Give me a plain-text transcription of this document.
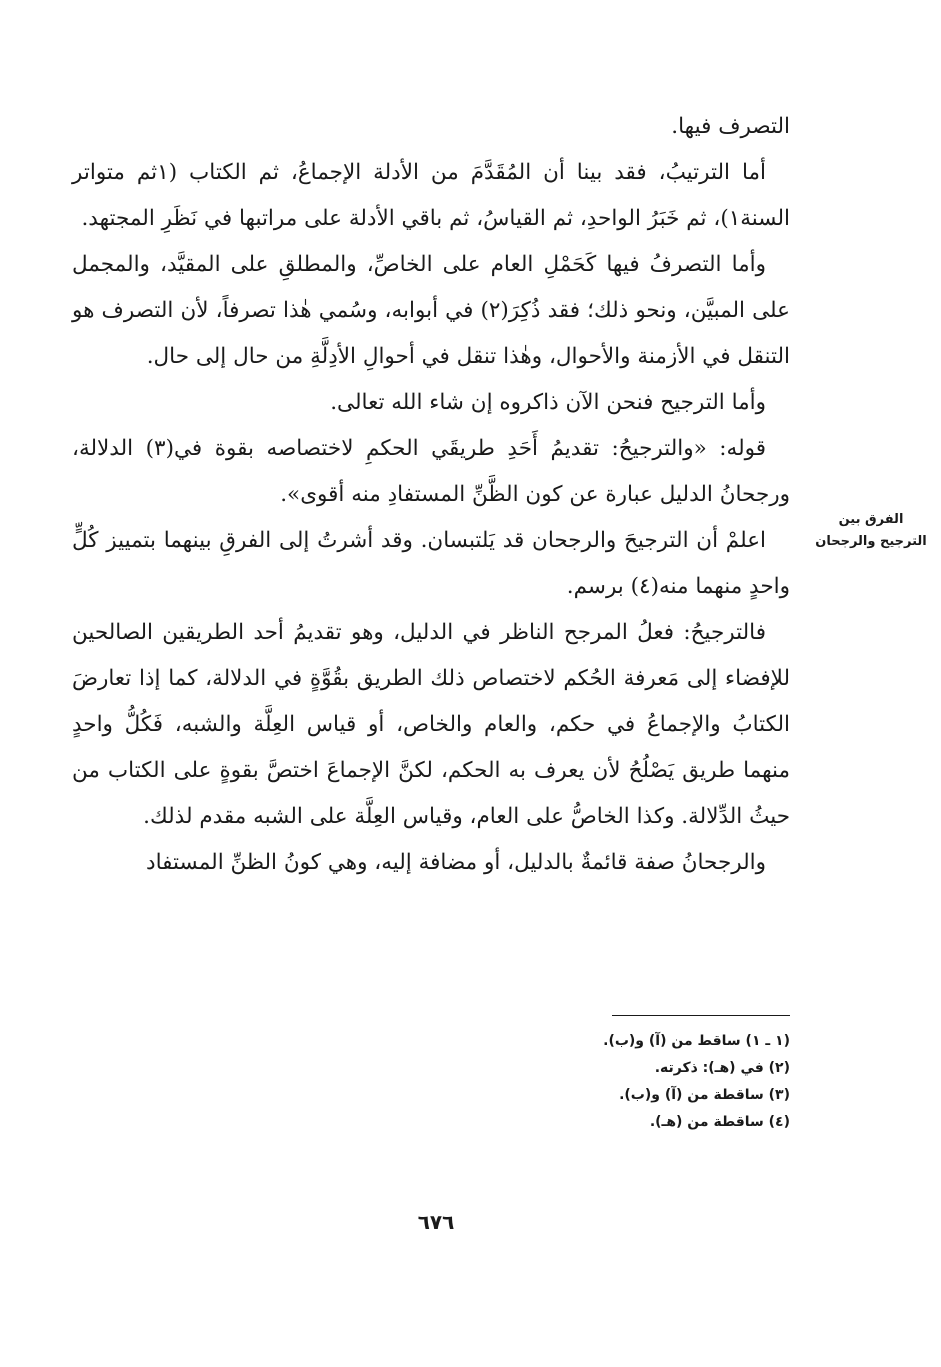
التصرف فيها.

أما الترتيبُ، فقد بينا أن المُقَدَّمَ من الأدلة الإجماعُ، ثم الكتاب (١ثم متواتر السنة١)، ثم خَبَرُ الواحدِ، ثم القياسُ، ثم باقي الأدلة على مراتبها في نَظَرِ المجتهد.

وأما التصرفُ فيها كَحَمْلِ العام على الخاصِّ، والمطلقِ على المقيَّد، والمجمل على المبيَّن، ونحو ذلك؛ فقد ذُكِرَ(٢) في أبوابه، وسُمي هٰذا تصرفاً، لأن التصرف هو التنقل في الأزمنة والأحوال، وهٰذا تنقل في أحوالِ الأدِلَّةِ من حال إلى حال.

وأما الترجيح فنحن الآن ذاكروه إن شاء الله تعالى.

قوله: «والترجيحُ: تقديمُ أَحَدِ طريقَي الحكمِ لاختصاصه بقوة في(٣) الدلالة، ورجحانُ الدليل عبارة عن كون الظَّنِّ المستفادِ منه أقوى».

اعلمْ أن الترجيحَ والرجحان قد يَلتبسان. وقد أشرتُ إلى الفرقِ بينهما بتمييز كُلٍّ واحدٍ منهما منه(٤) برسم.

فالترجيحُ: فعلُ المرجح الناظر في الدليل، وهو تقديمُ أحد الطريقين الصالحين للإفضاء إلى مَعرفة الحُكم لاختصاص ذلك الطريق بقُوَّةٍ في الدلالة، كما إذا تعارضَ الكتابُ والإجماعُ في حكم، والعام والخاص، أو قياس العِلَّة والشبه، فَكُلُّ واحدٍ منهما طريق يَصْلُحُ لأن يعرف به الحكم، لكنَّ الإجماعَ اختصَّ بقوةٍ على الكتاب من حيثُ الدِّلالة. وكذا الخاصُّ على العام، وقياس العِلَّة على الشبه مقدم لذلك.

والرجحانُ صفة قائمةٌ بالدليل، أو مضافة إليه، وهي كونُ الظنِّ المستفاد

الفرق بين
الترجيح والرجحان
(١ ـ ١) ساقط من (آ) و(ب).
(٢) في (هـ): ذكرته.
(٣) ساقطة من (آ) و(ب).
(٤) ساقطة من (هـ).
٦٧٦
